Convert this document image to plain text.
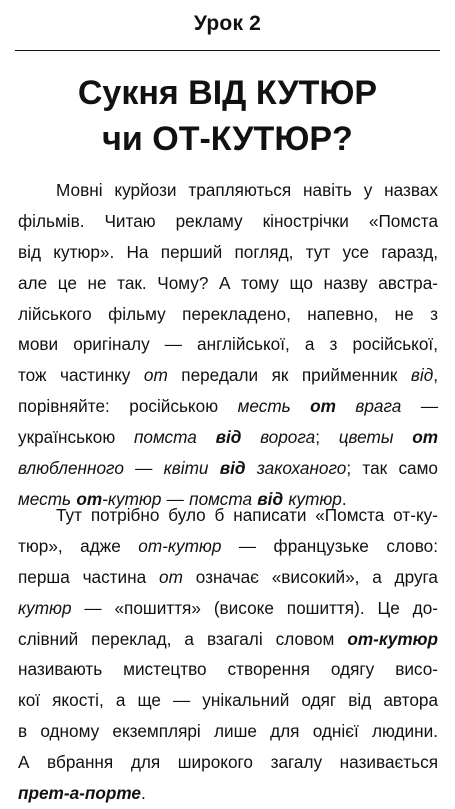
Урок 2
Сукня ВІД КУТЮР
чи ОТ-КУТЮР?
Мовні курйози трапляються навіть у назвах
фільмів. Читаю рекламу кінострічки «Помста
від кутюр». На перший погляд, тут усе гаразд,
але це не так. Чому? А тому що назву австра-
лійського фільму перекладено, напевно, не з
мови оригіналу — англійської, а з російської,
тож частинку от передали як прийменник від,
порівняйте: російською месть от врага —
українською помста від ворога; цветы от
влюбленного — квіти від закоханого; так само
месть от-кутюр — помста від кутюр.
Тут потрібно було б написати «Помста от-ку-
тюр», адже от-кутюр — французьке слово:
перша частина от означає «високий», а друга
кутюр — «пошиття» (високе пошиття). Це до-
слівний переклад, а взагалі словом от-кутюр
називають мистецтво створення одягу висо-
кої якості, а ще — унікальний одяг від автора
в одному екземплярі лише для однієї людини.
А вбрання для широкого загалу називається
прет-а-порте.
